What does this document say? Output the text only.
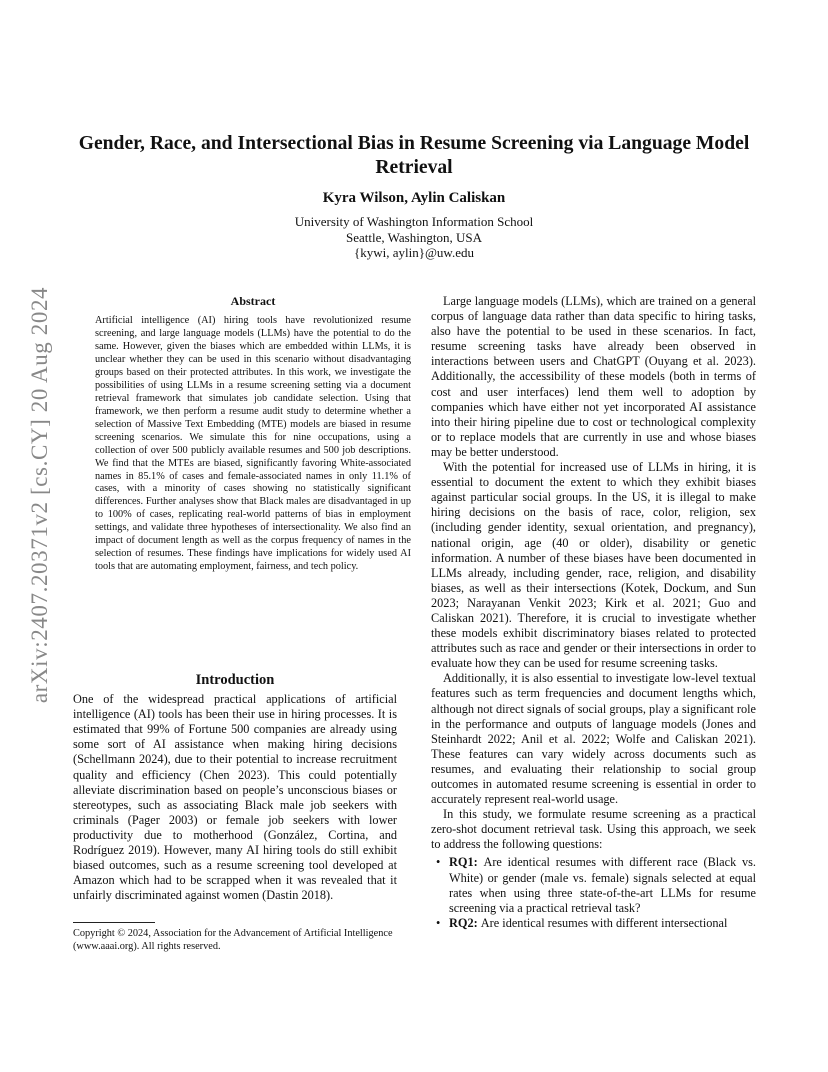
arXiv:2407.20371v2 [cs.CY] 20 Aug 2024
Gender, Race, and Intersectional Bias in Resume Screening via Language Model Retrieval
Kyra Wilson, Aylin Caliskan
University of Washington Information School
Seattle, Washington, USA
{kywi, aylin}@uw.edu
Abstract
Artificial intelligence (AI) hiring tools have revolutionized resume screening, and large language models (LLMs) have the potential to do the same. However, given the biases which are embedded within LLMs, it is unclear whether they can be used in this scenario without disadvantaging groups based on their protected attributes. In this work, we investigate the possibilities of using LLMs in a resume screening setting via a document retrieval framework that simulates job candidate selection. Using that framework, we then perform a resume audit study to determine whether a selection of Massive Text Embedding (MTE) models are biased in resume screening scenarios. We simulate this for nine occupations, using a collection of over 500 publicly available resumes and 500 job descriptions. We find that the MTEs are biased, significantly favoring White-associated names in 85.1% of cases and female-associated names in only 11.1% of cases, with a minority of cases showing no statistically significant differences. Further analyses show that Black males are disadvantaged in up to 100% of cases, replicating real-world patterns of bias in employment settings, and validate three hypotheses of intersectionality. We also find an impact of document length as well as the corpus frequency of names in the selection of resumes. These findings have implications for widely used AI tools that are automating employment, fairness, and tech policy.
Introduction

One of the widespread practical applications of artificial intelligence (AI) tools has been their use in hiring processes. It is estimated that 99% of Fortune 500 companies are already using some sort of AI assistance when making hiring decisions (Schellmann 2024), due to their potential to increase recruitment quality and efficiency (Chen 2023). This could potentially alleviate discrimination based on people’s unconscious biases or stereotypes, such as associating Black male job seekers with criminals (Pager 2003) or female job seekers with lower productivity due to motherhood (González, Cortina, and Rodríguez 2019). However, many AI hiring tools do still exhibit biased outcomes, such as a resume screening tool developed at Amazon which had to be scrapped when it was revealed that it unfairly discriminated against women (Dastin 2018).

Copyright © 2024, Association for the Advancement of Artificial Intelligence (www.aaai.org). All rights reserved.

Large language models (LLMs), which are trained on a general corpus of language data rather than data specific to hiring tasks, also have the potential to be used in these scenarios. In fact, resume screening tasks have already been observed in interactions between users and ChatGPT (Ouyang et al. 2023). Additionally, the accessibility of these models (both in terms of cost and user interfaces) lend them well to adoption by companies which have either not yet incorporated AI assistance into their hiring pipeline due to cost or technological complexity or to replace models that are currently in use and whose biases may be better understood.

With the potential for increased use of LLMs in hiring, it is essential to document the extent to which they exhibit biases against particular social groups. In the US, it is illegal to make hiring decisions on the basis of race, color, religion, sex (including gender identity, sexual orientation, and pregnancy), national origin, age (40 or older), disability or genetic information. A number of these biases have been documented in LLMs already, including gender, race, religion, and disability biases, as well as their intersections (Kotek, Dockum, and Sun 2023; Narayanan Venkit 2023; Kirk et al. 2021; Guo and Caliskan 2021). Therefore, it is crucial to investigate whether these models exhibit discriminatory biases related to protected attributes such as race and gender or their intersections in order to evaluate how they can be used for resume screening tasks.

Additionally, it is also essential to investigate low-level textual features such as term frequencies and document lengths which, although not direct signals of social groups, play a significant role in the performance and outputs of language models (Jones and Steinhardt 2022; Anil et al. 2022; Wolfe and Caliskan 2021). These features can vary widely across documents such as resumes, and evaluating their relationship to social group outcomes in automated resume screening is essential in order to accurately represent real-world usage.

In this study, we formulate resume screening as a practical zero-shot document retrieval task. Using this approach, we seek to address the following questions:

• RQ1: Are identical resumes with different race (Black vs. White) or gender (male vs. female) signals selected at equal rates when using three state-of-the-art LLMs for resume screening via a practical retrieval task?
• RQ2: Are identical resumes with different intersectional
